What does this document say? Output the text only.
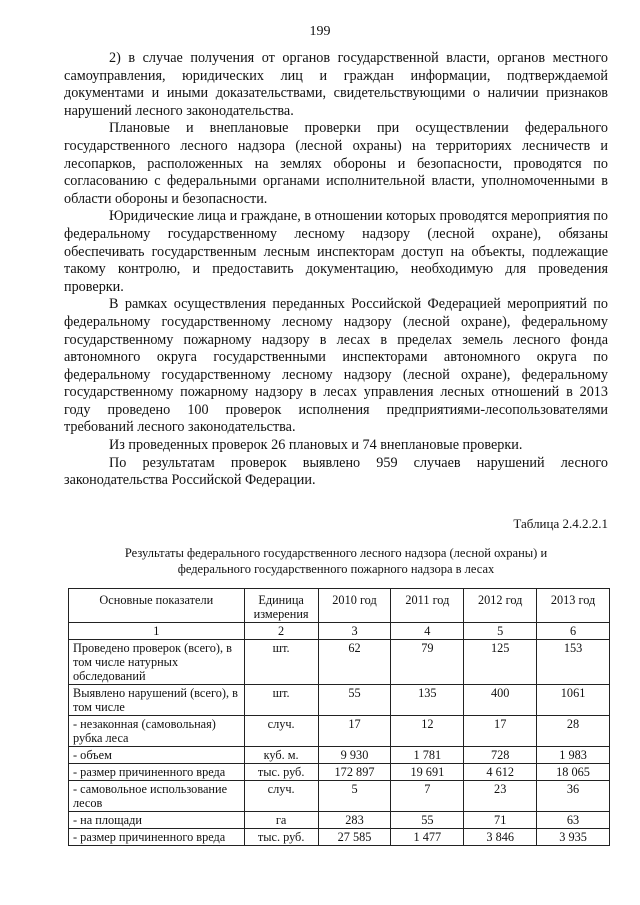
199

2) в случае получения от органов государственной власти, органов местного самоуправления, юридических лиц и граждан информации, подтверждаемой документами и иными доказательствами, свидетельствующими о наличии признаков нарушений лесного законодательства.

Плановые и внеплановые проверки при осуществлении федерального государственного лесного надзора (лесной охраны) на территориях лесничеств и лесопарков, расположенных на землях обороны и безопасности, проводятся по согласованию с федеральными органами исполнительной власти, уполномоченными в области обороны и безопасности.

Юридические лица и граждане, в отношении которых проводятся мероприятия по федеральному государственному лесному надзору (лесной охране), обязаны обеспечивать государственным лесным инспекторам доступ на объекты, подлежащие такому контролю, и предоставить документацию, необходимую для проведения проверки.

В рамках осуществления переданных Российской Федерацией мероприятий по федеральному государственному лесному надзору (лесной охране), федеральному государственному пожарному надзору в лесах в пределах земель лесного фонда автономного округа государственными инспекторами автономного округа по федеральному государственному лесному надзору (лесной охране), федеральному государственному пожарному надзору в лесах управления лесных отношений в 2013 году проведено 100 проверок исполнения предприятиями-лесопользователями требований лесного законодательства.

Из проведенных проверок 26 плановых и 74 внеплановые проверки.

По результатам проверок выявлено 959 случаев нарушений лесного законодательства Российской Федерации.

Таблица 2.4.2.2.1
Результаты федерального государственного лесного надзора (лесной охраны) и
федерального государственного пожарного надзора в лесах
Основные показатели	Единица измерения	2010 год	2011 год	2012 год	2013 год
1	2	3	4	5	6
Проведено проверок (всего), в том числе натурных обследований	шт.	62	79	125	153
Выявлено нарушений (всего), в том числе	шт.	55	135	400	1061
- незаконная (самовольная) рубка леса	случ.	17	12	17	28
- объем	куб. м.	9 930	1 781	728	1 983
- размер причиненного вреда	тыс. руб.	172 897	19 691	4 612	18 065
- самовольное использование лесов	случ.	5	7	23	36
- на площади	га	283	55	71	63
- размер причиненного вреда	тыс. руб.	27 585	1 477	3 846	3 935
